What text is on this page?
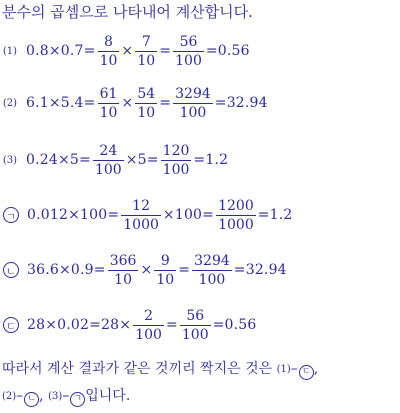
분수의 곱셈으로 나타내어 계산합니다.
(1) $0.8\times 0.7= \frac{8}{10} \times \frac{7}{10} = \frac{56}{100} =0.56$
(2) $6.1\times 5.4= \frac{61}{10} \times \frac{54}{10} = \frac{3294}{100} =32.94$
(3) $0.24\times 5= \frac{24}{100} \times 5= \frac{120}{100} =1.2$
ㄱ $0.012\times 100= \frac{12}{1000} \times 100= \frac{1200}{1000} =1.2$
ㄴ $36.6\times 0.9= \frac{366}{10} \times \frac{9}{10} = \frac{3294}{100} =32.94$
ㄷ $28\times 0.02=28\times \frac{2}{100} = \frac{56}{100} =0.56$
따라서 계산 결과가 같은 것끼리 짝지은 것은 (1)– ㄷ ,
(2)– ㄴ , (3)– ㄱ 입니다.
